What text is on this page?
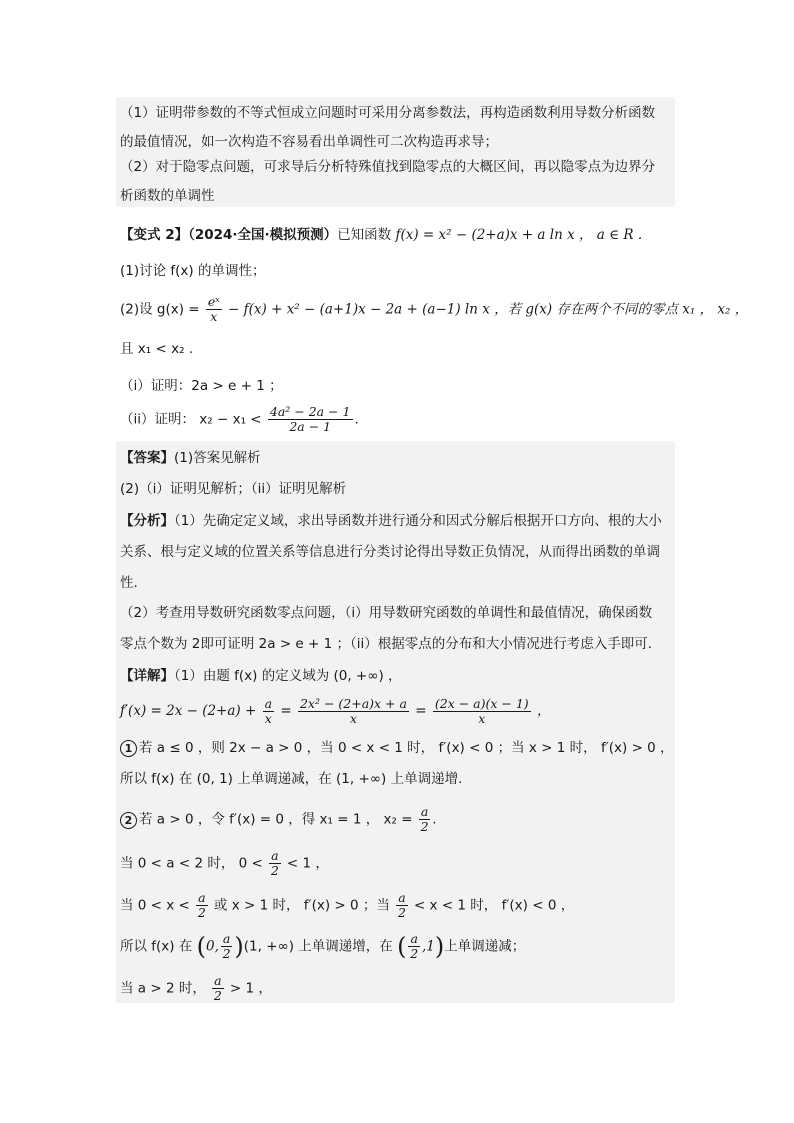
（1）证明带参数的不等式恒成立问题时可采用分离参数法，再构造函数利用导数分析函数
的最值情况，如一次构造不容易看出单调性可二次构造再求导；
（2）对于隐零点问题，可求导后分析特殊值找到隐零点的大概区间，再以隐零点为边界分
析函数的单调性
【变式 2】（2024·全国·模拟预测）已知函数 f(x) = x² − (2+a)x + a ln x ， a ∈ R .
(1)讨论 f(x) 的单调性；
(2)设 $g(x) = \frac{\text{eˣ}}{x} - f(x) + x^2 - (a+1)x - 2a + (a-1)$ ln x ，若 g(x) 存在两个不同的零点 x₁ ， x₂ ，
且 x₁ < x₂ .
（i）证明：2a > e + 1 ；
（ii）证明： $x_2 - x_1 < \frac{\text{4a² − 2a − 1}}{2a - 1}$ .
【答案】(1)答案见解析
(2)（i）证明见解析；（ii）证明见解析
【分析】（1）先确定定义域，求出导函数并进行通分和因式分解后根据开口方向、根的大小
关系、根与定义域的位置关系等信息进行分类讨论得出导数正负情况，从而得出函数的单调
性.
（2）考查用导数研究函数零点问题，（i）用导数研究函数的单调性和最值情况，确保函数
零点个数为 2即可证明 2a > e + 1 ；（ii）根据零点的分布和大小情况进行考虑入手即可.
【详解】（1）由题 f(x) 的定义域为 (0, +∞) ，
$f'(x) = 2x - (2+a) + \frac{a}{x} = \frac{\text{2x² − (2+a)x + a}}{x} = \frac{(2x - a)(x - 1)}{x}$ ，
1 若 a ≤ 0 ，则 2x − a > 0 ，当 0 < x < 1 时， f′(x) < 0 ；当 x > 1 时， f′(x) > 0 ，
所以 f(x) 在 (0, 1) 上单调递减，在 (1, +∞) 上单调递增.
2 若 a > 0 ，令 f′(x) = 0 ，得 x₁ = 1 ， $x_2 = \frac{a}{2}$ .
当 0 < a < 2 时， $0 < \frac{a}{2} < 1$ ，
当 $0 < x < \frac{a}{2}$ 或 x > 1 时， f′(x) > 0 ；当 $\frac{a}{2} < x < 1$ 时， f′(x) < 0 ，
所以 f(x) 在 (0, $\frac{a}{2} )(1$, +∞) 上单调递增，在 ( $\frac{a}{2} ,1$)上单调递减；
当 a > 2 时， $\frac{a}{2} > 1$ ，
